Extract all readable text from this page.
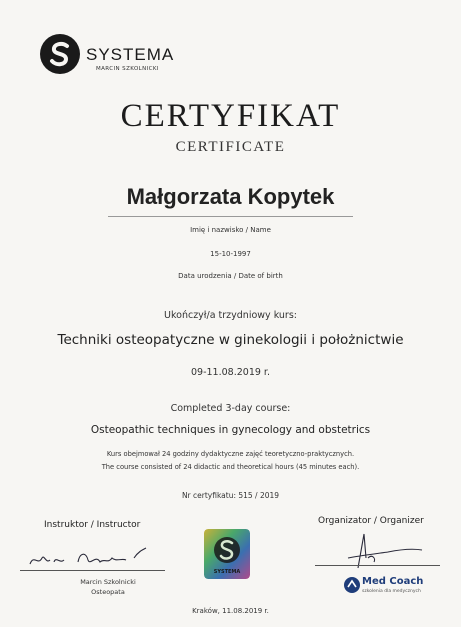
SYSTEMA
MARCIN SZKOLNICKI
CERTYFIKAT
CERTIFICATE
Małgorzata Kopytek
Imię i nazwisko / Name
15-10-1997
Data urodzenia / Date of birth
Ukończył/a trzydniowy kurs:
Techniki osteopatyczne w ginekologii i położnictwie
09-11.08.2019 r.
Completed 3-day course:
Osteopathic techniques in gynecology and obstetrics
Kurs obejmował 24 godziny dydaktyczne zajęć teoretyczno-praktycznych.
The course consisted of 24 didactic and theoretical hours (45 minutes each).
Nr certyfikatu: 515 / 2019
Instruktor / Instructor
Marcin Szkolnicki
Osteopata
SYSTEMA
Organizator / Organizer
Med Coach
szkolenia dla medycznych
Kraków, 11.08.2019 r.
